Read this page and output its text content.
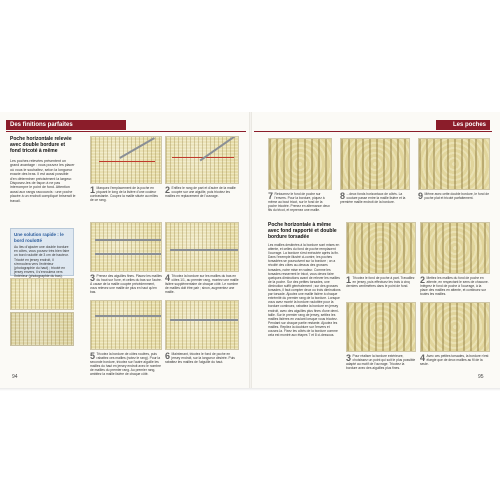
Des finitions parfaites
Poche horizontale relevée avec double bordure et fond tricoté à même
Les poches relevées présentent un grand avantage : vous pouvez les placer où vous le souhaitez, selon la longueur exacte des bras. Il est aussi possible d'en déterminer précisément la largeur. Disposez-les de façon à ne pas interrompre le point de fond. Attention aussi aux rangs raccourcis : une poche placée à un endroit compliqué briserait le travail.
Une solution rapide : le bord roulotté
Au lieu d'ajouter une double bordure en côtes, vous pouvez très bien faire un bord roulotté de 3 cm de hauteur. Tricoté en jersey endroit, il s'enroulera vers l'extérieur (photographie du haut) ; tricoté en jersey envers, il s'enroulera vers l'intérieur (photographie du bas).
1 Marquez l'emplacement de la poche en piquant le long de la lisière d'une couleur contrastante. Coupez la maille située au milieu de ce rang.
2 Enfilez le rang de part et d'autre de la maille coupée sur une aiguille, puis tricotez les mailles en replacement de l'ouvrage.
3 Prenez des aiguilles fines. Placez les mailles du haut sur l'une, et celles du bas sur l'autre. À cause de la maille coupée précédemment, vous relevez une maille de plus en haut qu'en bas.
4 Tricotez la bordure sur les mailles du bas en côtes 1/1, au premier rang, montez une maille lisière supplémentaire de chaque côté. Le nombre de mailles doit être pair ; sinon, augmentez une maille.
5 Tricotez la bordure de côtes roulées, puis rabattez ces mailles (notez le rang). Pour la seconde bordure, tricotez sur l'autre aiguille les mailles du haut en jersey endroit avec le nombre de mailles du premier rang. Au premier rang, ambitez la maille lisière de chaque côté.
6 Maintenant, tricotez le fond de poche en jersey endroit, sur la longueur désirée. Puis rabattez les mailles de l'aiguille du haut.
94
Les poches
7 Retournez le fond de poche sur l'envers. Pour la bordure, piquez à même au bout tricot, sur le fond de la poche tricotée. Prenez en alternance deux fils du tricot, et reprenez une maille.
8 ...deux fonds horizontaux de côtés. La couture passe entre la maille lisière et la première maille endroit de la bordure.
9 Même avec cette double bordure, le fond de poche plat et tricoté parfaitement.
Poche horizontale à même avec fond rapporté et double bordure torsadée
Les mailles destinées à la bordure sont mises en attente, et celles du fond de poche remplacent l'ouvrage. La bordure s'est exécutée après la fin. Dans l'exemple illustré ci-contre, les poches torsadées se poursuivent sur la bordure ; on a récolté des côtes au-dessus des grosses torsades, notre mise en valeur. Comme les torsades resserrent le tricot, vous devez faire quelques diminutions avant de relever les mailles de la poche. Sur des petites torsades, une diminution suffit généralement ; sur des grosses torsades, il faut compter deux ou trois diminutions par torsade. Ajoutez une maille lisière à chaque extrémité du premier rang de la bordure. Lorsque vous avez monté la bordure roulottée pour la bordure continuez, rabattez la bordure en jersey endroit, avec des aiguilles plus fines d'une demi-taille. Sur le premier rang de jersey, settlez les mailles lisières en voulant lorsque vous tricotez. Pendant sur chaque partie restante. Ajoutez les mailles. Repliez la doublure sur l'envers et cousez-la. Fixez les côtés de la bordure comme cela est montré aux étapes 7 et 8 ci-dessous.
1 Tricotez le fond de poche à part. Travaillez en jersey, puis effectuez les trois à cinq derniers centimètres dans le point de fond.
2 Mettez les mailles du fond de poche en attente, en respectant le sens de chacune. Intégrez le fond de poche à l'ouvrage, à la place des mailles en attente, et continuez sur toutes les mailles.
3 Pour réaliser la bordure extérieure, choisissez un point qui soit le plus possible adapté au motif de l'ouvrage. Tricotez la bordure avec des aiguilles plus fines.
4 Avec ces petites torsades, la bordure n'est élargie que de deux mailles au fil de la seule.
95
